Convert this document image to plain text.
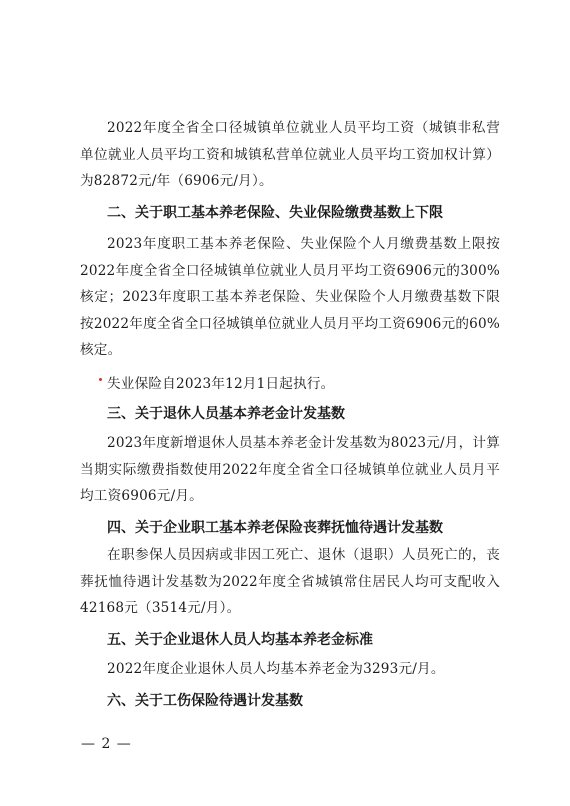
2022年度全省全口径城镇单位就业人员平均工资（城镇非私营单位就业人员平均工资和城镇私营单位就业人员平均工资加权计算）为82872元/年（6906元/月）。

二、关于职工基本养老保险、失业保险缴费基数上下限

2023年度职工基本养老保险、失业保险个人月缴费基数上限按2022年度全省全口径城镇单位就业人员月平均工资6906元的300%核定；2023年度职工基本养老保险、失业保险个人月缴费基数下限按2022年度全省全口径城镇单位就业人员月平均工资6906元的60%核定。

失业保险自2023年12月1日起执行。

三、关于退休人员基本养老金计发基数

2023年度新增退休人员基本养老金计发基数为8023元/月，计算当期实际缴费指数使用2022年度全省全口径城镇单位就业人员月平均工资6906元/月。

四、关于企业职工基本养老保险丧葬抚恤待遇计发基数

在职参保人员因病或非因工死亡、退休（退职）人员死亡的，丧葬抚恤待遇计发基数为2022年度全省城镇常住居民人均可支配收入42168元（3514元/月）。

五、关于企业退休人员人均基本养老金标准

2022年度企业退休人员人均基本养老金为3293元/月。

六、关于工伤保险待遇计发基数
— 2 —
